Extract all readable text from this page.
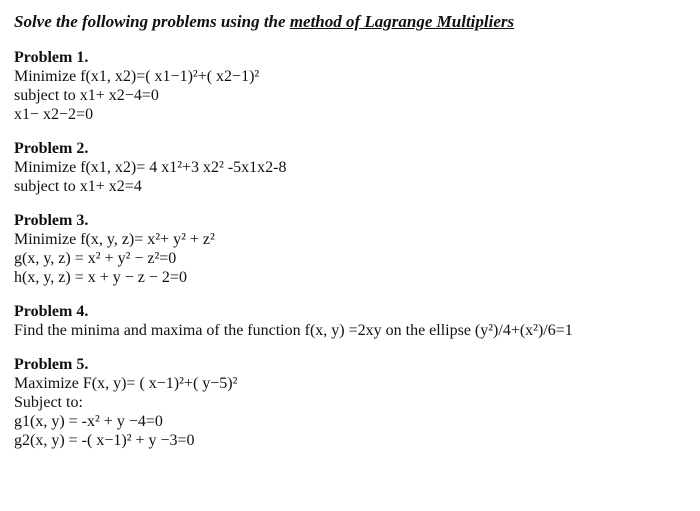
Solve the following problems using the method of Lagrange Multipliers
Problem 1.
Minimize f(x1, x2)=( x1−1)²+( x2−1)²
subject to x1+ x2−4=0
x1− x2−2=0
Problem 2.
Minimize f(x1, x2)= 4 x1²+3 x2² -5x1x2-8
subject to x1+ x2=4
Problem 3.
Minimize f(x, y, z)= x²+ y² + z²
g(x, y, z) = x² + y² − z²=0
h(x, y, z) = x + y − z − 2=0
Problem 4.
Find the minima and maxima of the function f(x, y) =2xy on the ellipse (y²)/4+(x²)/6=1
Problem 5.
Maximize F(x, y)= ( x−1)²+( y−5)²
Subject to:
g1(x, y) = -x² + y −4=0
g2(x, y) = -( x−1)² + y −3=0
